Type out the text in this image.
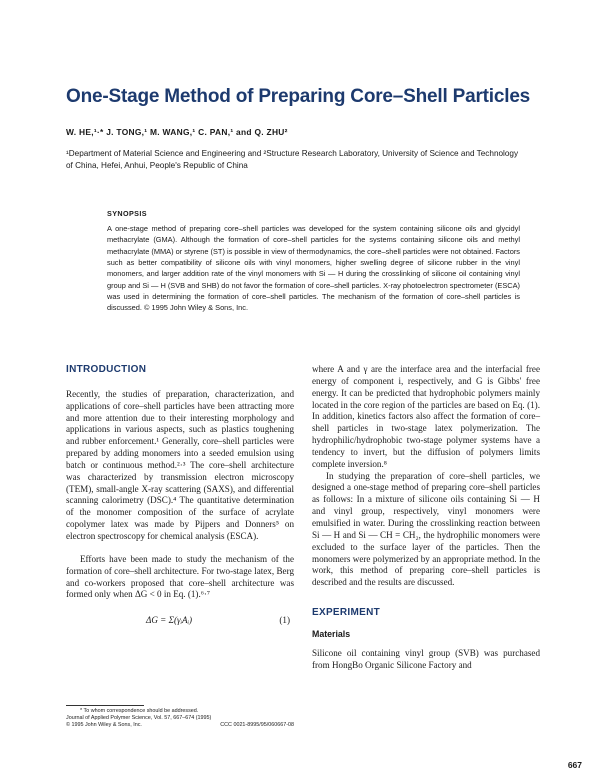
One-Stage Method of Preparing Core–Shell Particles
W. HE,¹·* J. TONG,¹ M. WANG,¹ C. PAN,¹ and Q. ZHU²
¹Department of Material Science and Engineering and ²Structure Research Laboratory, University of Science and Technology of China, Hefei, Anhui, People's Republic of China
SYNOPSIS
A one-stage method of preparing core–shell particles was developed for the system containing silicone oils and glycidyl methacrylate (GMA). Although the formation of core–shell particles for the systems containing silicone oils and methyl methacrylate (MMA) or styrene (ST) is possible in view of thermodynamics, the core–shell particles were not obtained. Factors such as better compatibility of silicone oils with vinyl monomers, higher swelling degree of silicone rubber in the vinyl monomers, and larger addition rate of the vinyl monomers with Si — H during the crosslinking of silicone oil containing vinyl group and Si — H (SVB and SHB) do not favor the formation of core–shell particles. X-ray photoelectron spectrometer (ESCA) was used in determining the formation of core–shell particles. The mechanism of the formation of core–shell particles is discussed. © 1995 John Wiley & Sons, Inc.
INTRODUCTION

Recently, the studies of preparation, characterization, and applications of core–shell particles have been attracting more and more attention due to their interesting morphology and applications in various aspects, such as plastics toughening and rubber enforcement.¹ Generally, core–shell particles were prepared by adding monomers into a seeded emulsion using batch or continuous method.²·³ The core–shell architecture was characterized by transmission electron microscopy (TEM), small-angle X-ray scattering (SAXS), and differential scanning calorimetry (DSC).⁴ The quantitative determination of the monomer composition of the surface of acrylate copolymer latex was made by Pijpers and Donners⁵ on electron spectroscopy for chemical analysis (ESCA).

Efforts have been made to study the mechanism of the formation of core–shell architecture. For two-stage latex, Berg and co-workers proposed that core–shell architecture was formed only when ΔG < 0 in Eq. (1).⁶·⁷

ΔG = Σ(γᵢAᵢ)	(1)

where A and γ are the interface area and the interfacial free energy of component i, respectively, and G is Gibbs' free energy. It can be predicted that hydrophobic polymers mainly located in the core region of the particles are based on Eq. (1). In addition, kinetics factors also affect the formation of core–shell particles in two-stage latex polymerization. The hydrophilic/hydrophobic two-stage polymer systems have a tendency to invert, but the diffusion of polymers limits complete inversion.⁸

In studying the preparation of core–shell particles, we designed a one-stage method of preparing core–shell particles as follows: In a mixture of silicone oils containing Si — H and vinyl group, respectively, vinyl monomers were emulsified in water. During the crosslinking reaction between Si — H and Si — CH = CH₂, the hydrophilic monomers were excluded to the surface layer of the particles. Then the monomers were polymerized by an appropriate method. In the work, this method of preparing core–shell particles is described and the results are discussed.

EXPERIMENT
Materials

Silicone oil containing vinyl group (SVB) was purchased from HongBo Organic Silicone Factory and

* To whom correspondence should be addressed.
Journal of Applied Polymer Science, Vol. 57, 667–674 (1995)
© 1995 John Wiley & Sons, Inc.	CCC 0021-8995/95/060667-08
667
